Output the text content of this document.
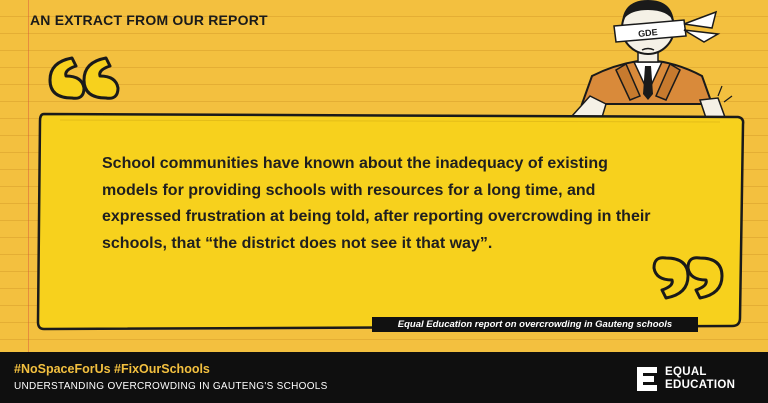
AN EXTRACT FROM OUR REPORT
GDE
School communities have known about the inadequacy of existing models for providing schools with resources for a long time, and expressed frustration at being told, after reporting overcrowding in their schools, that “the district does not see it that way”.
Equal Education report on overcrowding in Gauteng schools
#NoSpaceForUs #FixOurSchools
UNDERSTANDING OVERCROWDING IN GAUTENG'S SCHOOLS
EQUAL
EDUCATION
